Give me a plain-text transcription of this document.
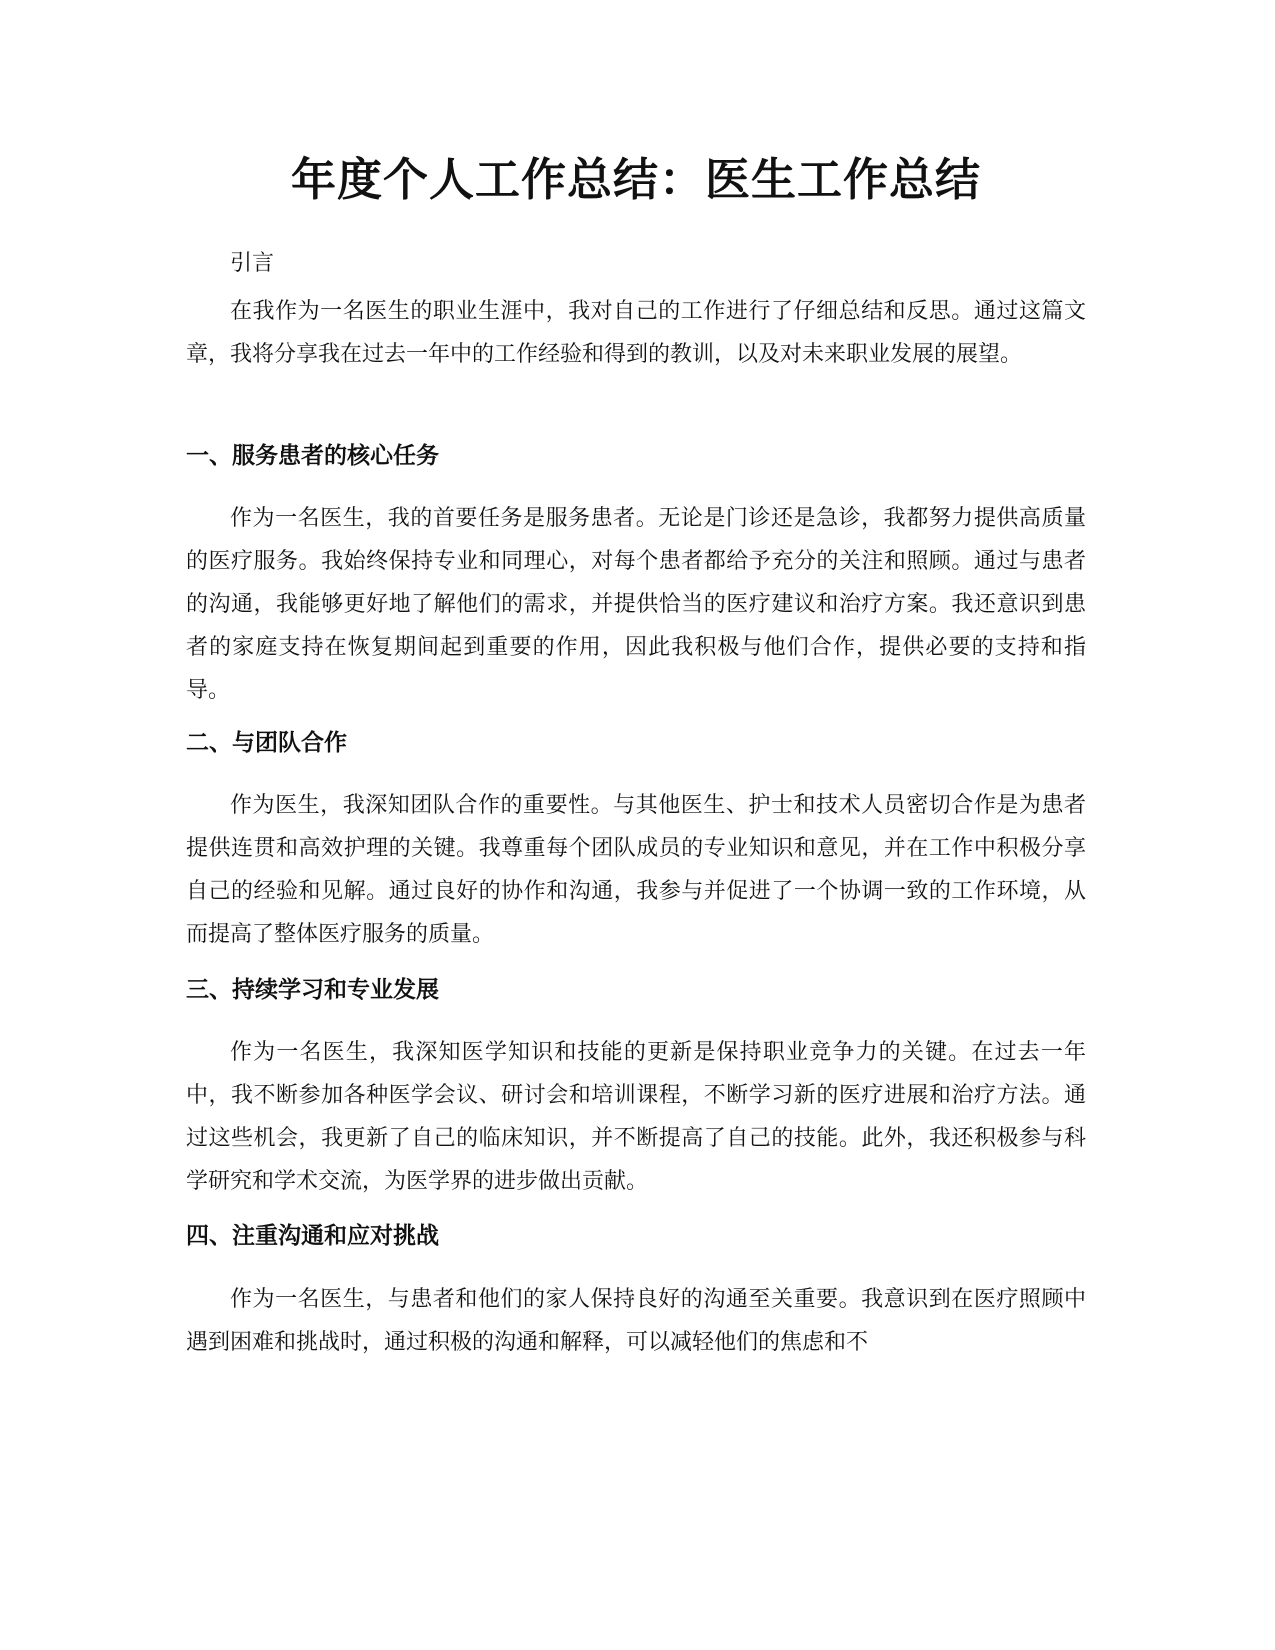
年度个人工作总结：医生工作总结

引言

在我作为一名医生的职业生涯中，我对自己的工作进行了仔细总结和反思。通过这篇文章，我将分享我在过去一年中的工作经验和得到的教训，以及对未来职业发展的展望。

一、服务患者的核心任务

作为一名医生，我的首要任务是服务患者。无论是门诊还是急诊，我都努力提供高质量的医疗服务。我始终保持专业和同理心，对每个患者都给予充分的关注和照顾。通过与患者的沟通，我能够更好地了解他们的需求，并提供恰当的医疗建议和治疗方案。我还意识到患者的家庭支持在恢复期间起到重要的作用，因此我积极与他们合作，提供必要的支持和指导。

二、与团队合作

作为医生，我深知团队合作的重要性。与其他医生、护士和技术人员密切合作是为患者提供连贯和高效护理的关键。我尊重每个团队成员的专业知识和意见，并在工作中积极分享自己的经验和见解。通过良好的协作和沟通，我参与并促进了一个协调一致的工作环境，从而提高了整体医疗服务的质量。

三、持续学习和专业发展

作为一名医生，我深知医学知识和技能的更新是保持职业竞争力的关键。在过去一年中，我不断参加各种医学会议、研讨会和培训课程，不断学习新的医疗进展和治疗方法。通过这些机会，我更新了自己的临床知识，并不断提高了自己的技能。此外，我还积极参与科学研究和学术交流，为医学界的进步做出贡献。

四、注重沟通和应对挑战

作为一名医生，与患者和他们的家人保持良好的沟通至关重要。我意识到在医疗照顾中遇到困难和挑战时，通过积极的沟通和解释，可以减轻他们的焦虑和不
